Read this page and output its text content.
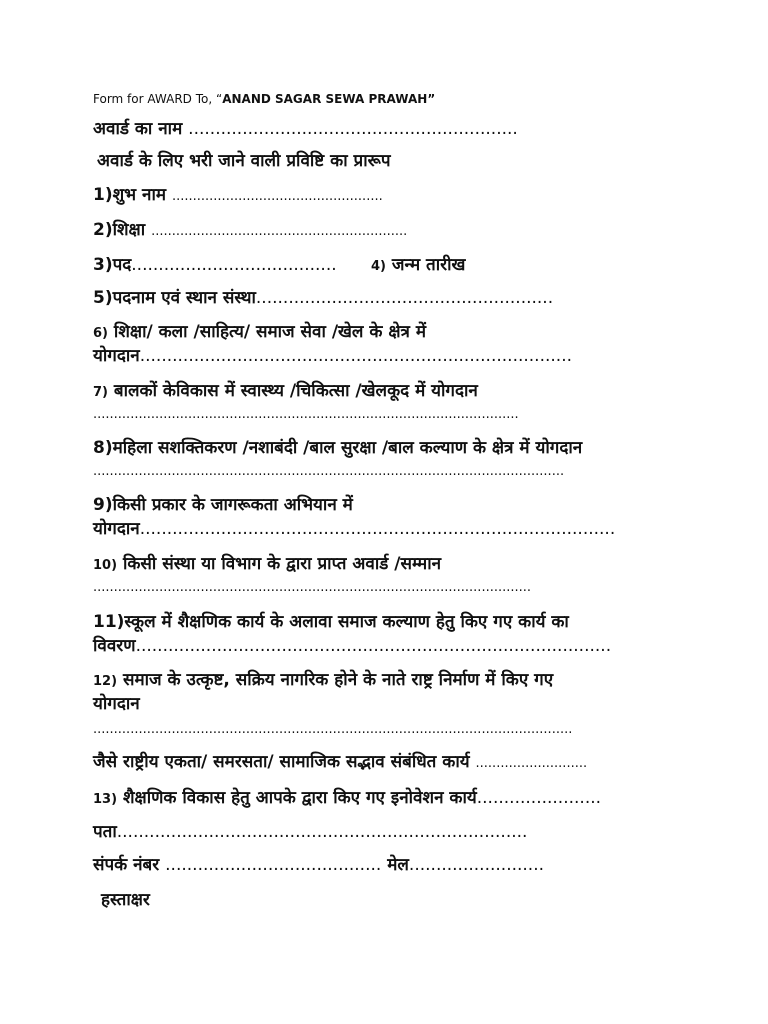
Form for AWARD To, “ANAND SAGAR SEWA PRAWAH”
अवार्ड का नाम .............................................................
अवार्ड के लिए भरी जाने वाली प्रविष्टि का प्रारूप
1)शुभ नाम ...................................................
2)शिक्षा ..............................................................
3)पद......................................	4) जन्म तारीख
5)पदनाम एवं स्थान संस्था.......................................................
6) शिक्षा/ कला /साहित्य/ समाज सेवा /खेल के क्षेत्र में
योगदान................................................................................
7) बालकों केविकास में स्वास्थ्य /चिकित्सा /खेलकूद में योगदान
.......................................................................................................
8)महिला सशक्तिकरण /नशाबंदी /बाल सुरक्षा /बाल कल्याण के क्षेत्र में योगदान
..................................................................................................................
9)किसी प्रकार के जागरूकता अभियान में
योगदान........................................................................................
10) किसी संस्था या विभाग के द्वारा प्राप्त अवार्ड /सम्मान
..........................................................................................................
11)स्कूल में शैक्षणिक कार्य के अलावा समाज कल्याण हेतु किए गए कार्य का
विवरण........................................................................................
12) समाज के उत्कृष्ट, सक्रिय नागरिक होने के नाते राष्ट्र निर्माण में किए गए
योगदान
....................................................................................................................
जैसे राष्ट्रीय एकता/ समरसता/ सामाजिक सद्भाव संबंधित कार्य ...........................
13) शैक्षणिक विकास हेतु आपके द्वारा किए गए इनोवेशन कार्य.......................
पता............................................................................
संपर्क नंबर ........................................ मेल.........................
हस्ताक्षर
